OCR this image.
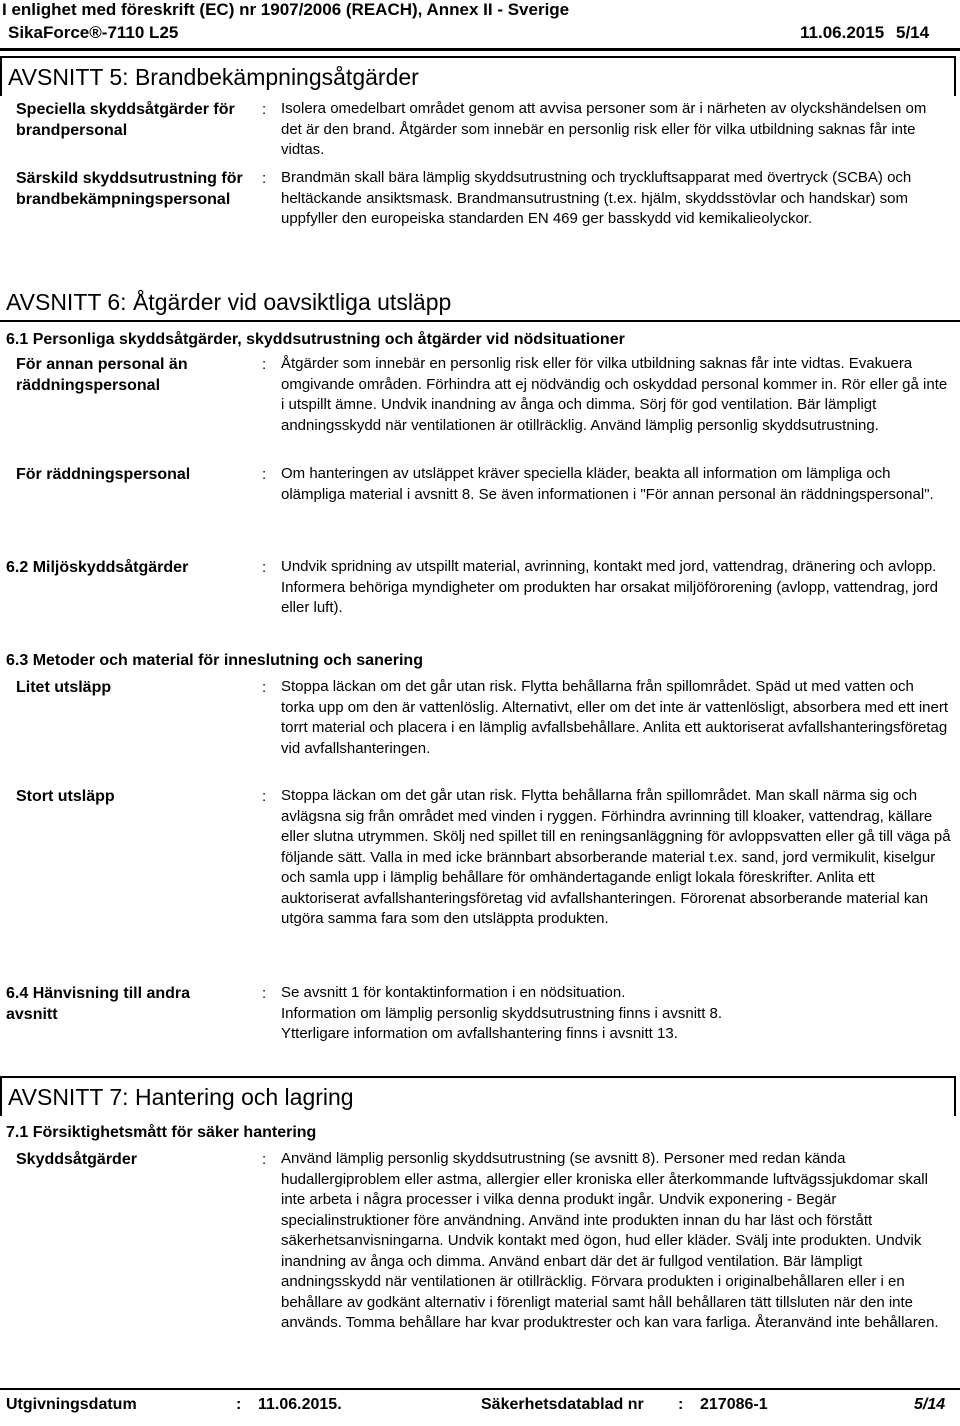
I enlighet med föreskrift (EC) nr 1907/2006 (REACH), Annex II - Sverige
SikaForce®-7110 L25	11.06.2015 5/14
AVSNITT 5: Brandbekämpningsåtgärder
Speciella skyddsåtgärder för brandpersonal
: Isolera omedelbart området genom att avvisa personer som är i närheten av olyckshändelsen om det är den brand. Åtgärder som innebär en personlig risk eller för vilka utbildning saknas får inte vidtas.
Särskild skyddsutrustning för brandbekämpningspersonal
: Brandmän skall bära lämplig skyddsutrustning och tryckluftsapparat med övertryck (SCBA) och heltäckande ansiktsmask. Brandmansutrustning (t.ex. hjälm, skyddsstövlar och handskar) som uppfyller den europeiska standarden EN 469 ger basskydd vid kemikalieolyckor.
AVSNITT 6: Åtgärder vid oavsiktliga utsläpp
6.1 Personliga skyddsåtgärder, skyddsutrustning och åtgärder vid nödsituationer
För annan personal än räddningspersonal
: Åtgärder som innebär en personlig risk eller för vilka utbildning saknas får inte vidtas. Evakuera omgivande områden. Förhindra att ej nödvändig och oskyddad personal kommer in. Rör eller gå inte i utspillt ämne. Undvik inandning av ånga och dimma. Sörj för god ventilation. Bär lämpligt andningsskydd när ventilationen är otillräcklig. Använd lämplig personlig skyddsutrustning.
För räddningspersonal	: Om hanteringen av utsläppet kräver speciella kläder, beakta all information om lämpliga och olämpliga material i avsnitt 8. Se även informationen i "För annan personal än räddningspersonal".
6.2 Miljöskyddsåtgärder	: Undvik spridning av utspillt material, avrinning, kontakt med jord, vattendrag, dränering och avlopp. Informera behöriga myndigheter om produkten har orsakat miljöförorening (avlopp, vattendrag, jord eller luft).
6.3 Metoder och material för inneslutning och sanering
Litet utsläpp	: Stoppa läckan om det går utan risk. Flytta behållarna från spillområdet. Späd ut med vatten och torka upp om den är vattenlöslig. Alternativt, eller om det inte är vattenlösligt, absorbera med ett inert torrt material och placera i en lämplig avfallsbehållare. Anlita ett auktoriserat avfallshanteringsföretag vid avfallshanteringen.
Stort utsläpp	: Stoppa läckan om det går utan risk. Flytta behållarna från spillområdet. Man skall närma sig och avlägsna sig från området med vinden i ryggen. Förhindra avrinning till kloaker, vattendrag, källare eller slutna utrymmen. Skölj ned spillet till en reningsanläggning för avloppsvatten eller gå till väga på följande sätt. Valla in med icke brännbart absorberande material t.ex. sand, jord vermikulit, kiselgur och samla upp i lämplig behållare för omhändertagande enligt lokala föreskrifter. Anlita ett auktoriserat avfallshanteringsföretag vid avfallshanteringen. Förorenat absorberande material kan utgöra samma fara som den utsläppta produkten.
6.4 Hänvisning till andra avsnitt
: Se avsnitt 1 för kontaktinformation i en nödsituation.
Information om lämplig personlig skyddsutrustning finns i avsnitt 8.
Ytterligare information om avfallshantering finns i avsnitt 13.
AVSNITT 7: Hantering och lagring
7.1 Försiktighetsmått för säker hantering
Skyddsåtgärder	: Använd lämplig personlig skyddsutrustning (se avsnitt 8). Personer med redan kända hudallergiproblem eller astma, allergier eller kroniska eller återkommande luftvägssjukdomar skall inte arbeta i några processer i vilka denna produkt ingår. Undvik exponering - Begär specialinstruktioner före användning. Använd inte produkten innan du har läst och förstått säkerhetsanvisningarna. Undvik kontakt med ögon, hud eller kläder. Svälj inte produkten. Undvik inandning av ånga och dimma. Använd enbart där det är fullgod ventilation. Bär lämpligt andningsskydd när ventilationen är otillräcklig. Förvara produkten i originalbehållaren eller i en behållare av godkänt alternativ i förenligt material samt håll behållaren tätt tillsluten när den inte används. Tomma behållare har kvar produktrester och kan vara farliga. Återanvänd inte behållaren.
Utgivningsdatum	: 11.06.2015.	Säkerhetsdatablad nr : 217086-1	5/14
